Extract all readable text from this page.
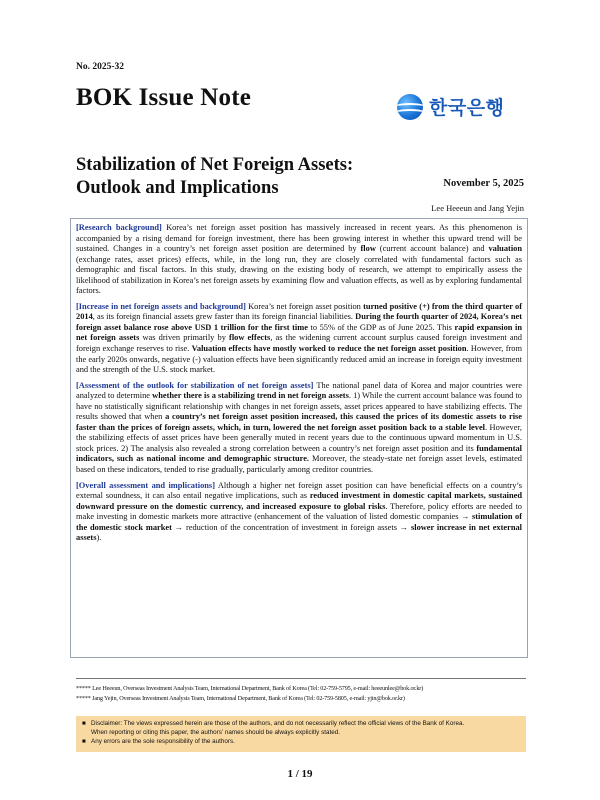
No. 2025-32
BOK Issue Note	한국은행
Stabilization of Net Foreign Assets: Outlook and Implications	November 5, 2025
Lee Heeeun and Jang Yejin

[Research background] Korea’s net foreign asset position has massively increased in recent years. As this phenomenon is accompanied by a rising demand for foreign investment, there has been growing interest in whether this upward trend will be sustained. Changes in a country’s net foreign asset position are determined by flow (current account balance) and valuation (exchange rates, asset prices) effects, while, in the long run, they are closely correlated with fundamental factors such as demographic and fiscal factors. In this study, drawing on the existing body of research, we attempt to empirically assess the likelihood of stabilization in Korea’s net foreign assets by examining flow and valuation effects, as well as by exploring fundamental factors.

[Increase in net foreign assets and background] Korea’s net foreign asset position turned positive (+) from the third quarter of 2014, as its foreign financial assets grew faster than its foreign financial liabilities. During the fourth quarter of 2024, Korea’s net foreign asset balance rose above USD 1 trillion for the first time to 55% of the GDP as of June 2025. This rapid expansion in net foreign assets was driven primarily by flow effects, as the widening current account surplus caused foreign investment and foreign exchange reserves to rise. Valuation effects have mostly worked to reduce the net foreign asset position. However, from the early 2020s onwards, negative (-) valuation effects have been significantly reduced amid an increase in foreign equity investment and the strength of the U.S. stock market.

[Assessment of the outlook for stabilization of net foreign assets] The national panel data of Korea and major countries were analyzed to determine whether there is a stabilizing trend in net foreign assets. 1) While the current account balance was found to have no statistically significant relationship with changes in net foreign assets, asset prices appeared to have stabilizing effects. The results showed that when a country’s net foreign asset position increased, this caused the prices of its domestic assets to rise faster than the prices of foreign assets, which, in turn, lowered the net foreign asset position back to a stable level. However, the stabilizing effects of asset prices have been generally muted in recent years due to the continuous upward momentum in U.S. stock prices. 2) The analysis also revealed a strong correlation between a country’s net foreign asset position and its fundamental indicators, such as national income and demographic structure. Moreover, the steady-state net foreign asset levels, estimated based on these indicators, tended to rise gradually, particularly among creditor countries.

[Overall assessment and implications] Although a higher net foreign asset position can have beneficial effects on a country’s external soundness, it can also entail negative implications, such as reduced investment in domestic capital markets, sustained downward pressure on the domestic currency, and increased exposure to global risks. Therefore, policy efforts are needed to make investing in domestic markets more attractive (enhancement of the valuation of listed domestic companies → stimulation of the domestic stock market → reduction of the concentration of investment in foreign assets → slower increase in net external assets).

***** Lee Heeeun, Overseas Investment Analysis Team, International Department, Bank of Korea (Tel: 02-759-5795, e-mail: heeeunlee@bok.or.kr)
***** Jang Yejin, Overseas Investment Analysis Team, International Department, Bank of Korea (Tel: 02-759-5805, e-mail: yjin@bok.or.kr)
■ Disclaimer: The views expressed herein are those of the authors, and do not necessarily reflect the official views of the Bank of Korea.
When reporting or citing this paper, the authors’ names should be always explicitly stated.
■ Any errors are the sole responsibility of the authors.
1 / 19
